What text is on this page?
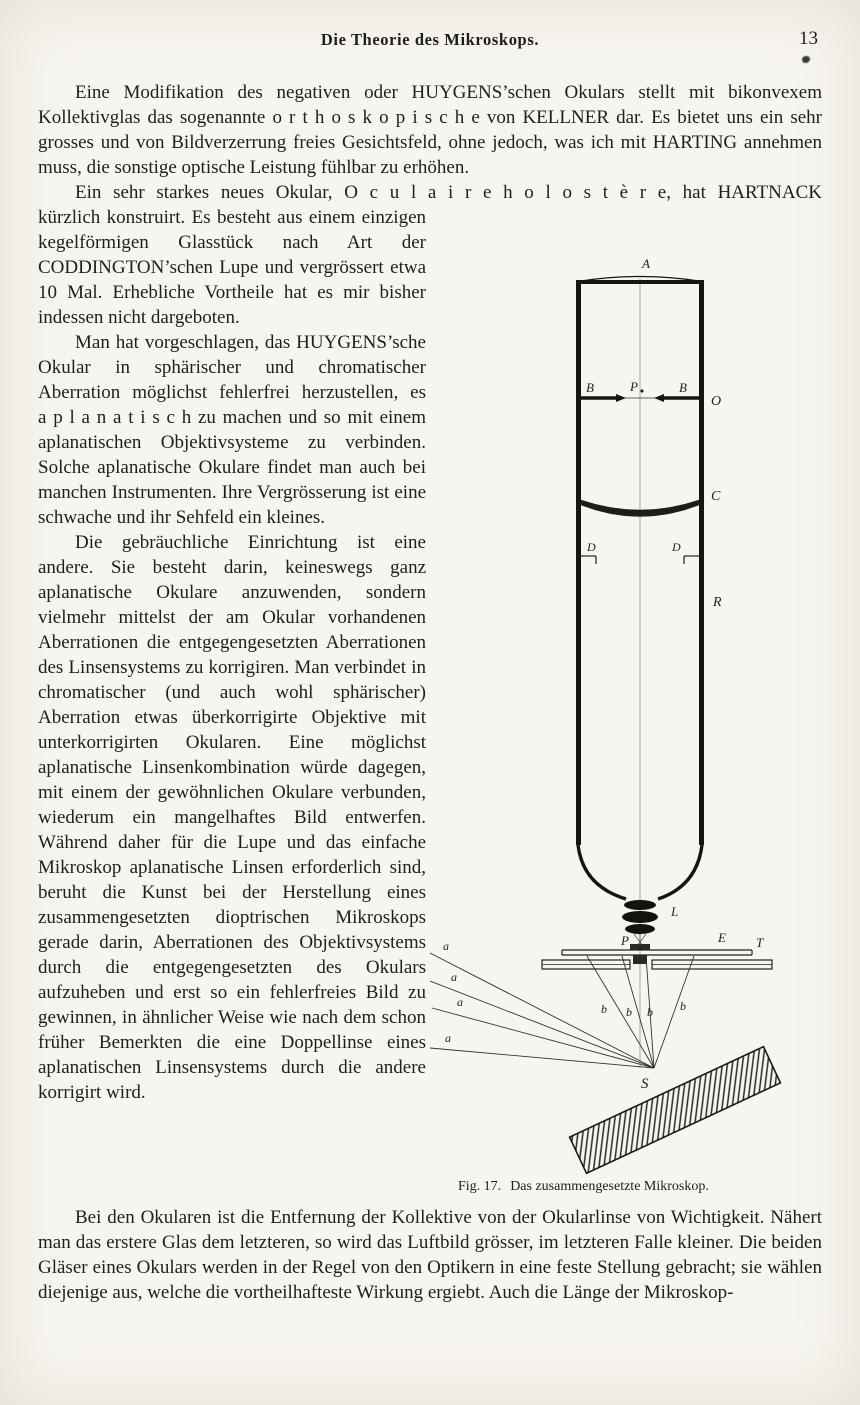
Die Theorie des Mikroskops.	13

Eine Modifikation des negativen oder HUYGENS’schen Okulars stellt mit bikonvexem Kollektivglas das sogenannte o r t h o s k o p i s c h e von KELLNER dar. Es bietet uns ein sehr grosses und von Bildverzerrung freies Gesichtsfeld, ohne jedoch, was ich mit HARTING annehmen muss, die sonstige optische Leistung fühlbar zu erhöhen.

Ein sehr starkes neues Okular, O c u l a i r e h o l o s t è r e, hat HARTNACK

kürzlich konstruirt. Es besteht aus einem einzigen kegelförmigen Glasstück nach Art der CODDINGTON’schen Lupe und vergrössert etwa 10 Mal. Erhebliche Vortheile hat es mir bisher indessen nicht dargeboten.

Man hat vorgeschlagen, das HUYGENS’sche Okular in sphärischer und chromatischer Aberration möglichst fehlerfrei herzustellen, es a p l a n a t i s c h zu machen und so mit einem aplanatischen Objektivsysteme zu verbinden. Solche aplanatische Okulare findet man auch bei manchen Instrumenten. Ihre Vergrösserung ist eine schwache und ihr Sehfeld ein kleines.

Die gebräuchliche Einrichtung ist eine andere. Sie besteht darin, keineswegs ganz aplanatische Okulare anzuwenden, sondern vielmehr mittelst der am Okular vorhandenen Aberrationen die entgegengesetzten Aberrationen des Linsensystems zu korrigiren. Man verbindet in chromatischer (und auch wohl sphärischer) Aberration etwas überkorrigirte Objektive mit unterkorrigirten Okularen. Eine möglichst aplanatische Linsenkombination würde dagegen, mit einem der gewöhnlichen Okulare verbunden, wiederum ein mangelhaftes Bild entwerfen. Während daher für die Lupe und das einfache Mikroskop aplanatische Linsen erforderlich sind, beruht die Kunst bei der Herstellung eines zusammengesetzten dioptrischen Mikroskops gerade darin, Aberrationen des Objektivsystems durch die entgegengesetzten des Okulars aufzuheben und erst so ein fehlerfreies Bild zu gewinnen, in ähnlicher Weise wie nach dem schon früher Bemerkten die eine Doppellinse eines aplanatischen Linsensystems durch die andere korrigirt wird.

A
B	P	B
O
C
D	D
R
L
P	E T
b b b b
a
a
a
a
S
Fig. 17. Das zusammengesetzte Mikroskop.

Bei den Okularen ist die Entfernung der Kollektive von der Okularlinse von Wichtigkeit. Nähert man das erstere Glas dem letzteren, so wird das Luftbild grösser, im letzteren Falle kleiner. Die beiden Gläser eines Okulars werden in der Regel von den Optikern in eine feste Stellung gebracht; sie wählen diejenige aus, welche die vortheilhafteste Wirkung ergiebt. Auch die Länge der Mikroskop-
